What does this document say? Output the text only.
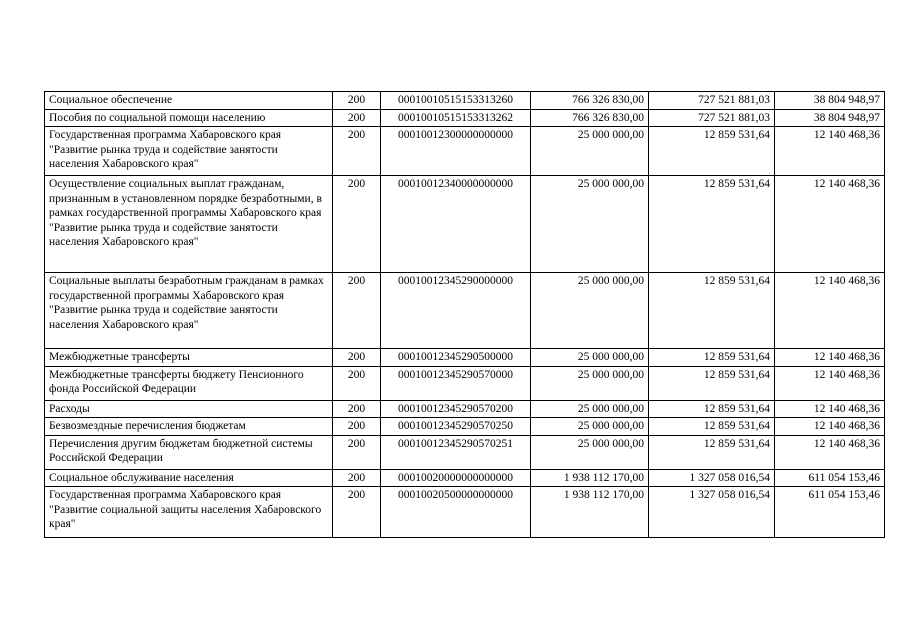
Социальное обеспечение	200	00010010515153313260	766 326 830,00	727 521 881,03	38 804 948,97
Пособия по социальной помощи населению	200	00010010515153313262	766 326 830,00	727 521 881,03	38 804 948,97
Государственная программа Хабаровского края "Развитие рынка труда и содействие занятости населения Хабаровского края"	200	00010012300000000000	25 000 000,00	12 859 531,64	12 140 468,36
Осуществление социальных выплат гражданам, признанным в установленном порядке безработными, в рамках государственной программы Хабаровского края "Развитие рынка труда и содействие занятости населения Хабаровского края"	200	00010012340000000000	25 000 000,00	12 859 531,64	12 140 468,36
Социальные выплаты безработным гражданам в рамках государственной программы Хабаровского края "Развитие рынка труда и содействие занятости населения Хабаровского края"	200	00010012345290000000	25 000 000,00	12 859 531,64	12 140 468,36
Межбюджетные трансферты	200	00010012345290500000	25 000 000,00	12 859 531,64	12 140 468,36
Межбюджетные трансферты бюджету Пенсионного фонда Российской Федерации	200	00010012345290570000	25 000 000,00	12 859 531,64	12 140 468,36
Расходы	200	00010012345290570200	25 000 000,00	12 859 531,64	12 140 468,36
Безвозмездные перечисления бюджетам	200	00010012345290570250	25 000 000,00	12 859 531,64	12 140 468,36
Перечисления другим бюджетам бюджетной системы Российской Федерации	200	00010012345290570251	25 000 000,00	12 859 531,64	12 140 468,36
Социальное обслуживание населения	200	00010020000000000000	1 938 112 170,00	1 327 058 016,54	611 054 153,46
Государственная программа Хабаровского края "Развитие социальной защиты населения Хабаровского края"	200	00010020500000000000	1 938 112 170,00	1 327 058 016,54	611 054 153,46
